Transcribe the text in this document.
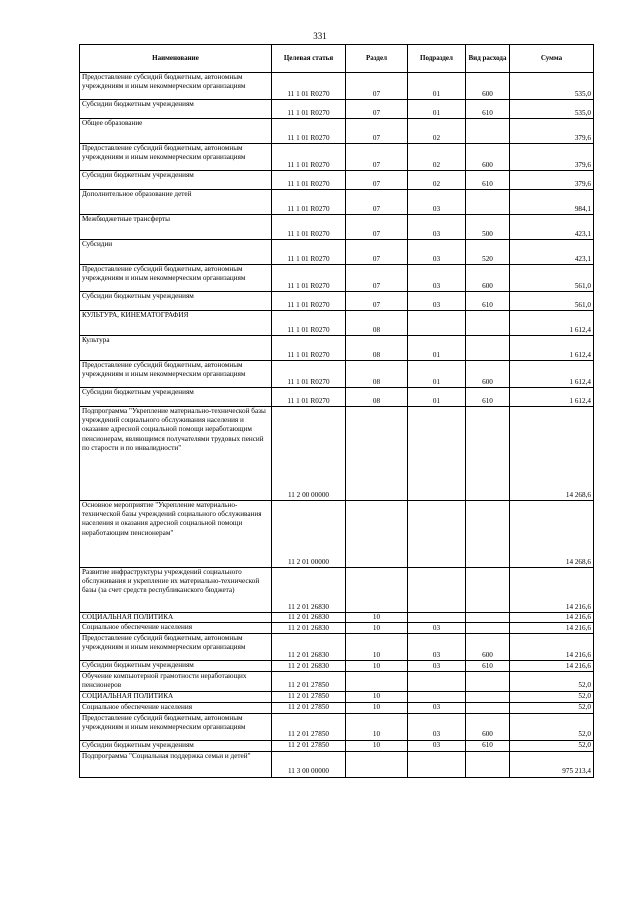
331
Наименование	Целевая статья	Раздел	Подраздел	Вид расхода	Сумма
Предоставление субсидий бюджетным, автономным учреждениям и иным некоммерческим организациям	11 1 01 R0270	07	01	600	535,0
Субсидии бюджетным учреждениям	11 1 01 R0270	07	01	610	535,0
Общее образование	11 1 01 R0270	07	02		379,6
Предоставление субсидий бюджетным, автономным учреждениям и иным некоммерческим организациям	11 1 01 R0270	07	02	600	379,6
Субсидии бюджетным учреждениям	11 1 01 R0270	07	02	610	379,6
Дополнительное образование детей	11 1 01 R0270	07	03		984,1
Межбюджетные трансферты	11 1 01 R0270	07	03	500	423,1
Субсидии	11 1 01 R0270	07	03	520	423,1
Предоставление субсидий бюджетным, автономным учреждениям и иным некоммерческим организациям	11 1 01 R0270	07	03	600	561,0
Субсидии бюджетным учреждениям	11 1 01 R0270	07	03	610	561,0
КУЛЬТУРА, КИНЕМАТОГРАФИЯ	11 1 01 R0270	08			1 612,4
Культура	11 1 01 R0270	08	01		1 612,4
Предоставление субсидий бюджетным, автономным учреждениям и иным некоммерческим организациям	11 1 01 R0270	08	01	600	1 612,4
Субсидии бюджетным учреждениям	11 1 01 R0270	08	01	610	1 612,4
Подпрограмма "Укрепление материально-технической базы учреждений социального обслуживания населения и оказание адресной социальной помощи неработающим пенсионерам, являющимся получателями трудовых пенсий по старости и по инвалидности"	11 2 00 00000				14 268,6
Основное мероприятие "Укрепление материально-технической базы учреждений социального обслуживания населения и оказания адресной социальной помощи неработающим пенсионерам"	11 2 01 00000				14 268,6
Развитие инфраструктуры учреждений социального обслуживания и укрепление их материально-технической базы (за счет средств республиканского бюджета)	11 2 01 26830				14 216,6
СОЦИАЛЬНАЯ ПОЛИТИКА	11 2 01 26830	10			14 216,6
Социальное обеспечение населения	11 2 01 26830	10	03		14 216,6
Предоставление субсидий бюджетным, автономным учреждениям и иным некоммерческим организациям	11 2 01 26830	10	03	600	14 216,6
Субсидии бюджетным учреждениям	11 2 01 26830	10	03	610	14 216,6
Обучение компьютерной грамотности неработающих пенсионеров	11 2 01 27850				52,0
СОЦИАЛЬНАЯ ПОЛИТИКА	11 2 01 27850	10			52,0
Социальное обеспечение населения	11 2 01 27850	10	03		52,0
Предоставление субсидий бюджетным, автономным учреждениям и иным некоммерческим организациям	11 2 01 27850	10	03	600	52,0
Субсидии бюджетным учреждениям	11 2 01 27850	10	03	610	52,0
Подпрограмма "Социальная поддержка семьи и детей"	11 3 00 00000				975 213,4
